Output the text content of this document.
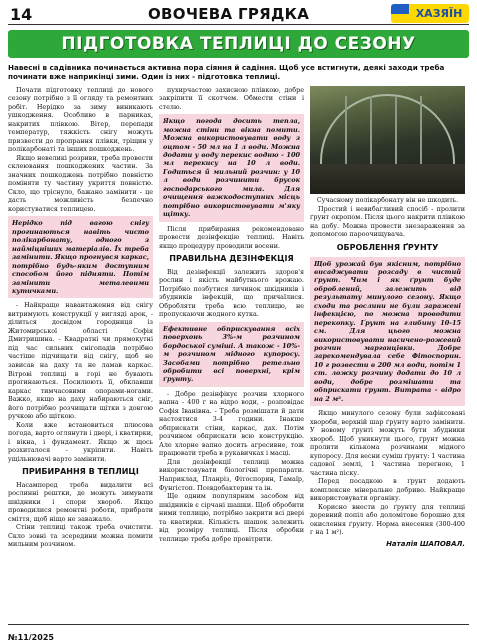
14	ОВОЧЕВА ГРЯДКА	ХАЗЯЇН
ПІДГОТОВКА ТЕПЛИЦІ ДО СЕЗОНУ
Навесні в садівника починається активна пора сіяння й садіння. Щоб усе встигнути, деякі заходи треба починати вже наприкінці зими. Один із них - підготовка теплиці.

Почати підготовку теплиці до нового сезону потрібно з її огляду та ремонтних робіт. Нерідко за зиму виникають ушкодження. Особливо в парниках, накритих плівкою. Вітер, перепади температур, тяжкість снігу можуть призвести до пропрання плівки, тріщин у полікарбонаті та інших пошкоджень.

Якщо невеликі розриви, треба провести склеювання пошкоджених частин. За значних пошкоджень потрібно повністю поміняти ту частину укриття повністю. Скло, що тріснуло, бажано замінити - це дасть можливість безпечно користуватися теплицею.

Нерідко під вагою снігу прогинаються навіть чисто полікарбонату, одного з найміцніших матеріалів. Їх треба замінити. Якщо прогнувся каркас, потрібно будь-яким доступним способом його підняти. Потім замінити металевими кутичками.

- Найкраще навантаження від снігу витримують конструкції у вигляді арок, - ділиться досвідом городниця із Житомирської області Софія Дмитришина. - Квадратні чи прямокутні під час сильних снігопадів потрібно частіше підчищати від снігу, щоб не зависав на даху та не ламав каркас. Вітрові теплиці в горі не бувають прогинаються. Посилюють її, обклавши каркас тимчасовими опорами-ногами. Важко, якщо на даху набираються сніг, його потрібно розчищати щітки з довгою ручкою або щіткою.

Коли вже встановиться плюсова погода, варто оглянути і двері, і кватирки, і вікна, і фундамент. Якщо ж щось розхиталося - укріпити. Навіть ущільнювачі варто замінити.

ПРИБИРАННЯ В ТЕПЛИЦІ

Насамперед треба видалити всі рослинні рештки, де можуть зимувати шкідники і спори хвороб. Якщо проводилися ремонтні роботи, прибрати сміття, щоб ніщо не заважало.

Стіни теплиці також треба очистити. Скло зовні та зсередини можна помити мильним розчином.

пухирчастою захисною плівкою, добре закріпити її скотчем. Обмести стіни і стелю.

Якщо погода досить тепла, можна стіни та вікна помити. Можна використовувати воду з оцтом - 50 мл на 1 л води. Можна додати у воду перекис водню - 100 мл перекису на 10 л води. Годиться й мильний розчин: у 10 л води розчинити брусок господарського мила. Для очищення важкодоступних місць потрібно використовувати м'яку щітку.

Після прибирання рекомендовано провести дезінфекцію теплиці. Навіть якщо процедуру проводили восени.

ПРАВИЛЬНА ДЕЗІНФЕКЦІЯ

Від дезінфекції залежить здоров'я рослин і якість майбутнього врожаю. Потрібно позбутися личинок шкідників і збудників інфекцій, що причаїлися. Обробляти треба всю теплицю, не пропускаючи жодного кутка.

Ефективне обприскування всіх поверхонь 3%-м розчином бордоської суміші. А також - 10%-м розчином мідного купоросу. Засобами потрібно ретельно обробити всі поверхні, крім ґрунту.

- Добре дезінфікує розчин хлорного вапна - 400 г на відро води, - розповідає Софія Іванівна. - Треба розмішати й дати настоятися 3-4 години. Інакше обприскати стіни, каркас, дах. Потім розчином обприскати всю конструкцію. Але хлорне вапно досить агресивне, тож працювати треба в рукавичках і масці.

Для дезінфекції теплиці можна використовувати біологічні препарати. Наприклад, Планріз, Фітоспорин, Гамаїр, Фунгістоп. Псевдобактерин та ін.

Ще одним популярним засобом від шкідників є сірчані шашки. Щоб обробити ними теплицю, потрібно закрити всі двері та кватирки. Кількість шашок залежить від розміру теплиці. Після обробки теплицю треба добре провітрити.

Сучасному полікарбонату він не шкодить.

Простий і невибагливий спосіб - пролити ґрунт окропом. Після цього накрити плівкою на добу. Можна провести знезараження за допомогою пароочищувача.

ОБРОБЛЕННЯ ҐРУНТУ
Щоб урожай був якісним, потрібно висаджувати розсаду в чистий ґрунт. Чим і як ґрунт буде оброблений, залежить від результату минулого сезону. Якщо сходи та рослини не були заражені інфекцією, по можна проводити перекопку. Ґрунт на глибину 10-15 см. Для цього можна використовувати насичено-рожевий розчин марганцівки. Добре зарекомендувала себе Фітоспорин. 10 г розвести в 200 мл води, потім 1 ст. ложку розчину додати до 10 л води, добре розмішати та обприскати ґрунт. Витрата - відро на 2 м².

Якщо минулого сезону були зафіксовані хвороби, верхній шар ґрунту варто замінити. У новому ґрунті можуть бути збудники хвороб. Щоб уникнути цього, ґрунт можна пролити кількома розчинами мідного купоросу. Для весни суміш ґрунту: 1 частина садової землі, 1 частина перегною, 1 частина піску.

Перед посадкою в ґрунт додають комплексне мінеральне добриво. Найкраще використовувати органіку.

Корисно внести до ґрунту для теплиці деревний попіл або доломітове борошно для окислення ґрунту. Норма внесення (300-400 г на 1 м²).

Наталія ШАПОВАЛ.
№11/2025
